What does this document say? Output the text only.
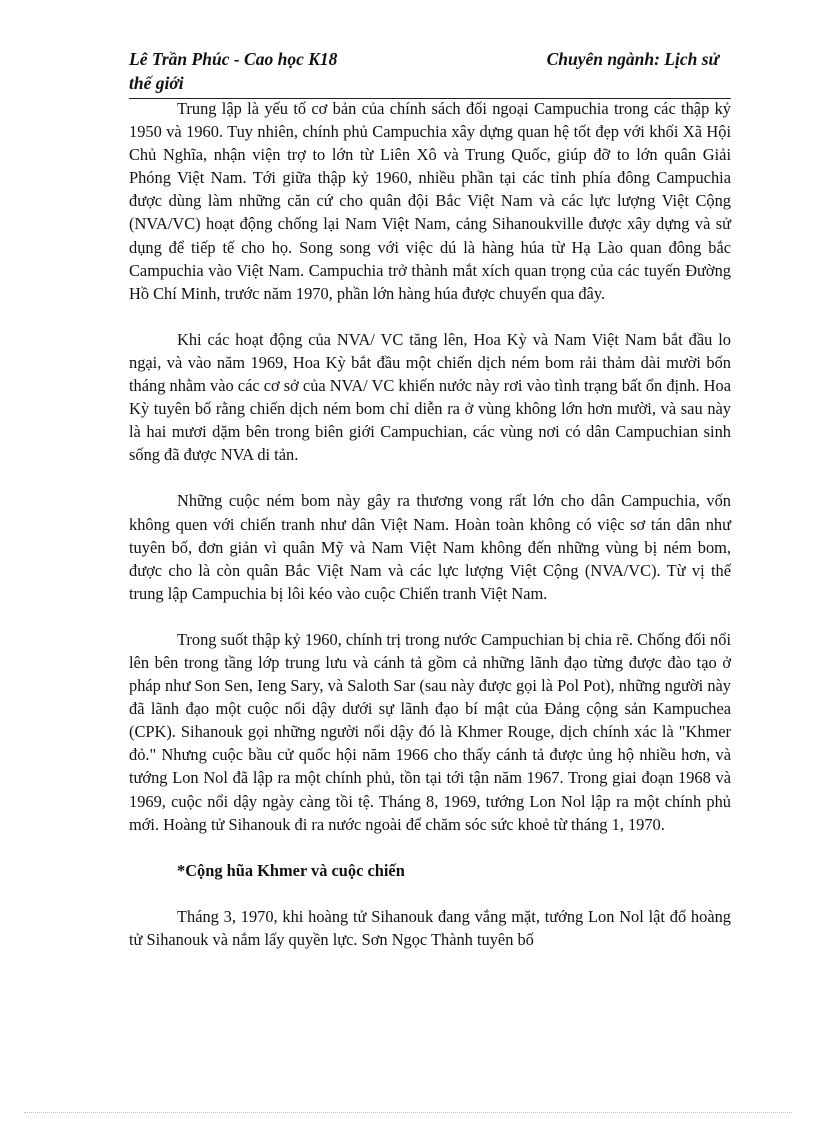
Lê Trần Phúc - Cao học K18	Chuyên ngành: Lịch sử
thế giới

Trung lập là yếu tố cơ bản của chính sách đối ngoại Campuchia trong các thập kỷ 1950 và 1960. Tuy nhiên, chính phủ Campuchia xây dựng quan hệ tốt đẹp với khối Xã Hội Chủ Nghĩa, nhận viện trợ to lớn từ Liên Xô và Trung Quốc, giúp đỡ to lớn quân Giải Phóng Việt Nam. Tới giữa thập kỷ 1960, nhiều phần tại các tỉnh phía đông Campuchia được dùng làm những căn cứ cho quân đội Bắc Việt Nam và các lực lượng Việt Cộng (NVA/VC) hoạt động chống lại Nam Việt Nam, cảng Sihanoukville được xây dựng và sử dụng để tiếp tế cho họ. Song song với việc dú là hàng húa từ Hạ Lào quan đông bắc Campuchia vào Việt Nam. Campuchia trở thành mắt xích quan trọng của các tuyến Đường Hồ Chí Minh, trước năm 1970, phần lớn hàng húa được chuyển qua đây.

Khi các hoạt động của NVA/ VC tăng lên, Hoa Kỳ và Nam Việt Nam bắt đầu lo ngại, và vào năm 1969, Hoa Kỳ bắt đầu một chiến dịch ném bom rải thảm dài mười bốn tháng nhằm vào các cơ sở của NVA/ VC khiến nước này rơi vào tình trạng bất ổn định. Hoa Kỳ tuyên bố rằng chiến dịch ném bom chỉ diễn ra ở vùng không lớn hơn mười, và sau này là hai mươi dặm bên trong biên giới Campuchian, các vùng nơi có dân Campuchian sinh sống đã được NVA di tản.

Những cuộc ném bom này gây ra thương vong rất lớn cho dân Campuchia, vốn không quen với chiến tranh như dân Việt Nam. Hoàn toàn không có việc sơ tán dân như tuyên bố, đơn giản vì quân Mỹ và Nam Việt Nam không đến những vùng bị ném bom, được cho là còn quân Bắc Việt Nam và các lực lượng Việt Cộng (NVA/VC). Từ vị thế trung lập Campuchia bị lôi kéo vào cuộc Chiến tranh Việt Nam.

Trong suốt thập kỷ 1960, chính trị trong nước Campuchian bị chia rẽ. Chống đối nổi lên bên trong tầng lớp trung lưu và cánh tả gồm cả những lãnh đạo từng được đào tạo ở pháp như Son Sen, Ieng Sary, và Saloth Sar (sau này được gọi là Pol Pot), những người này đã lãnh đạo một cuộc nổi dậy dưới sự lãnh đạo bí mật của Đảng cộng sản Kampuchea (CPK). Sihanouk gọi những người nổi dậy đó là Khmer Rouge, dịch chính xác là "Khmer đỏ." Nhưng cuộc bầu cử quốc hội năm 1966 cho thấy cánh tả được ủng hộ nhiều hơn, và tướng Lon Nol đã lập ra một chính phủ, tồn tại tới tận năm 1967. Trong giai đoạn 1968 và 1969, cuộc nổi dậy ngày càng tồi tệ. Tháng 8, 1969, tướng Lon Nol lập ra một chính phủ mới. Hoàng tử Sihanouk đi ra nước ngoài để chăm sóc sức khoẻ từ tháng 1, 1970.

*Cộng hũa Khmer và cuộc chiến

Tháng 3, 1970, khi hoàng tử Sihanouk đang vắng mặt, tướng Lon Nol lật đổ hoàng tử Sihanouk và nắm lấy quyền lực. Sơn Ngọc Thành tuyên bố
